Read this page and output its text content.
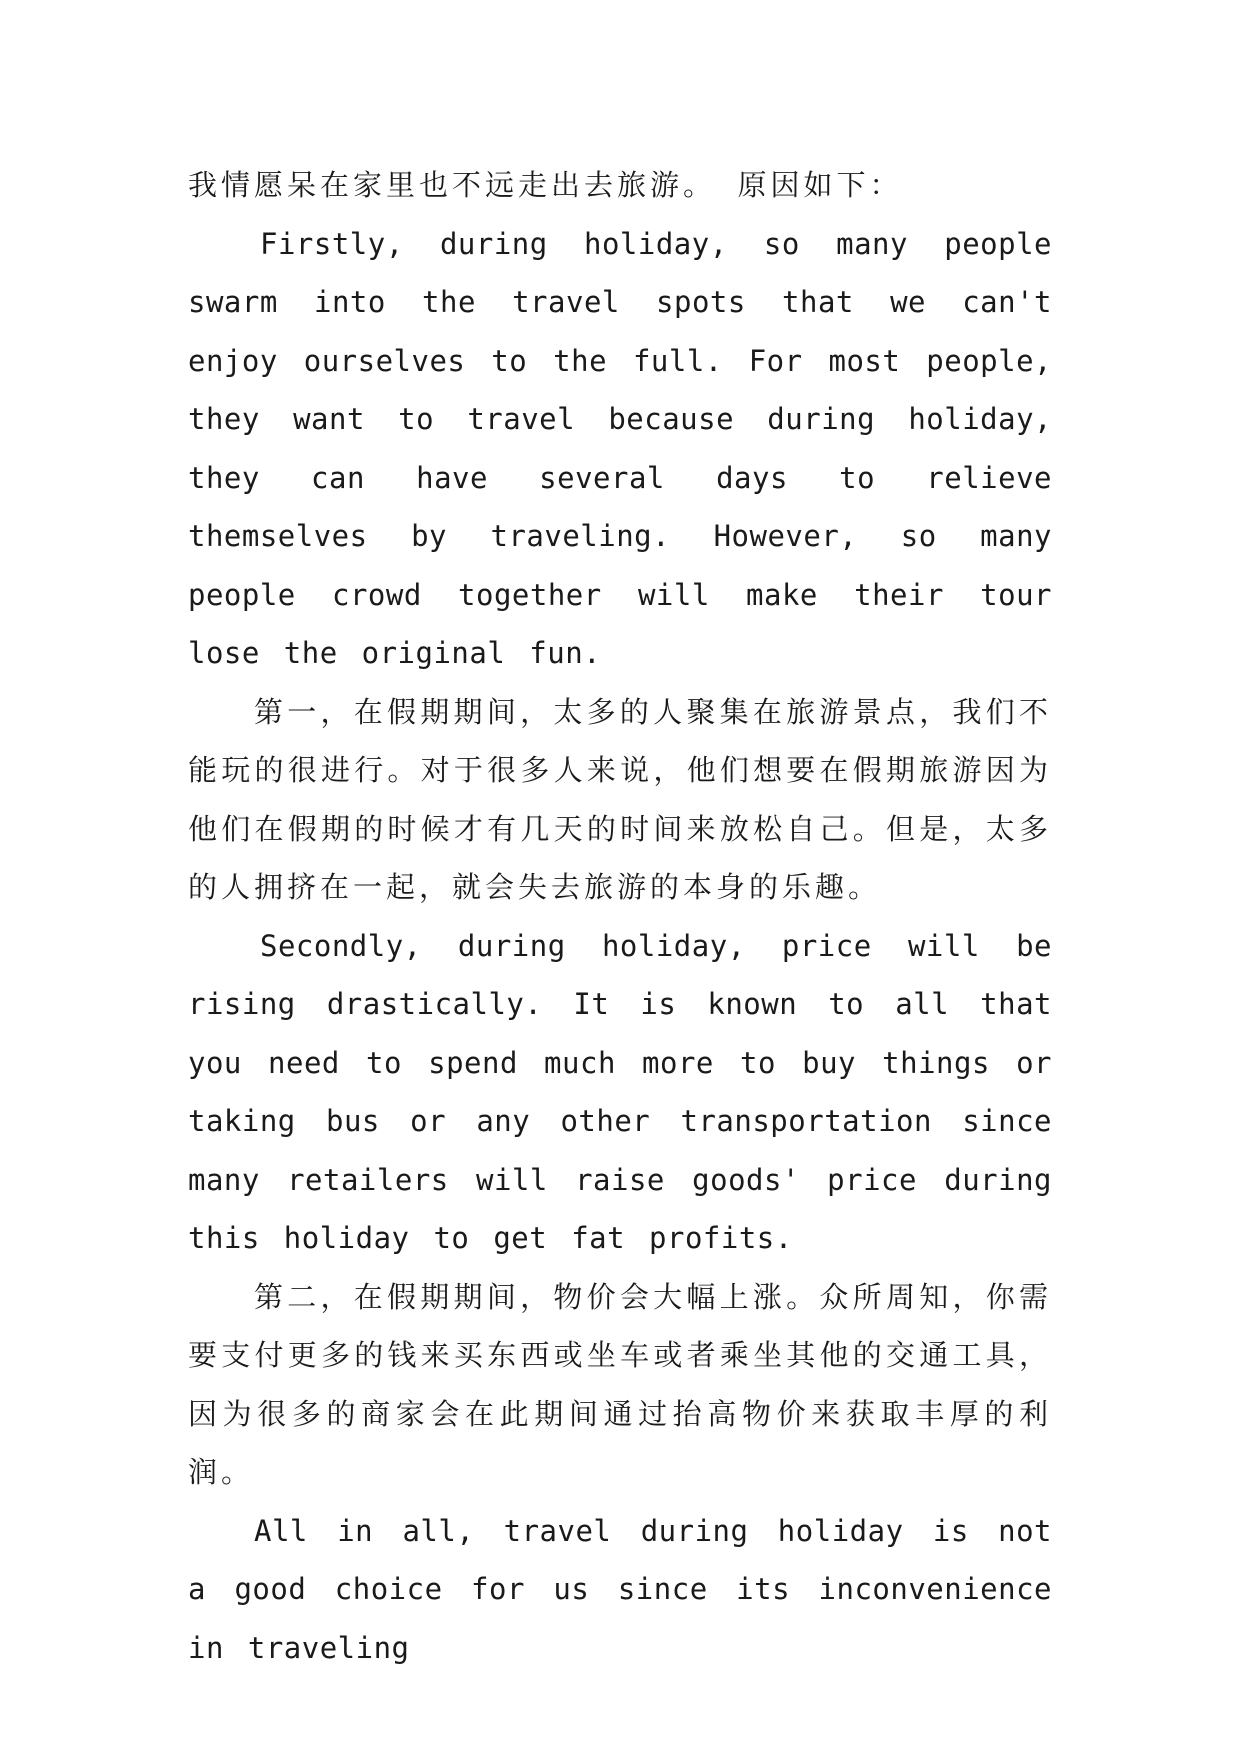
我情愿呆在家里也不远走出去旅游。 原因如下：

Firstly, during holiday, so many people swarm into the travel spots that we can't enjoy ourselves to the full. For most people, they want to travel because during holiday, they can have several days to relieve themselves by traveling. However, so many people crowd together will make their tour lose the original fun.

第一，在假期期间，太多的人聚集在旅游景点，我们不能玩的很进行。对于很多人来说，他们想要在假期旅游因为他们在假期的时候才有几天的时间来放松自己。但是，太多的人拥挤在一起，就会失去旅游的本身的乐趣。

Secondly, during holiday, price will be rising drastically. It is known to all that you need to spend much more to buy things or taking bus or any other transportation since many retailers will raise goods' price during this holiday to get fat profits.

第二，在假期期间，物价会大幅上涨。众所周知，你需要支付更多的钱来买东西或坐车或者乘坐其他的交通工具，因为很多的商家会在此期间通过抬高物价来获取丰厚的利润。

All in all, travel during holiday is not a good choice for us since its inconvenience in traveling
